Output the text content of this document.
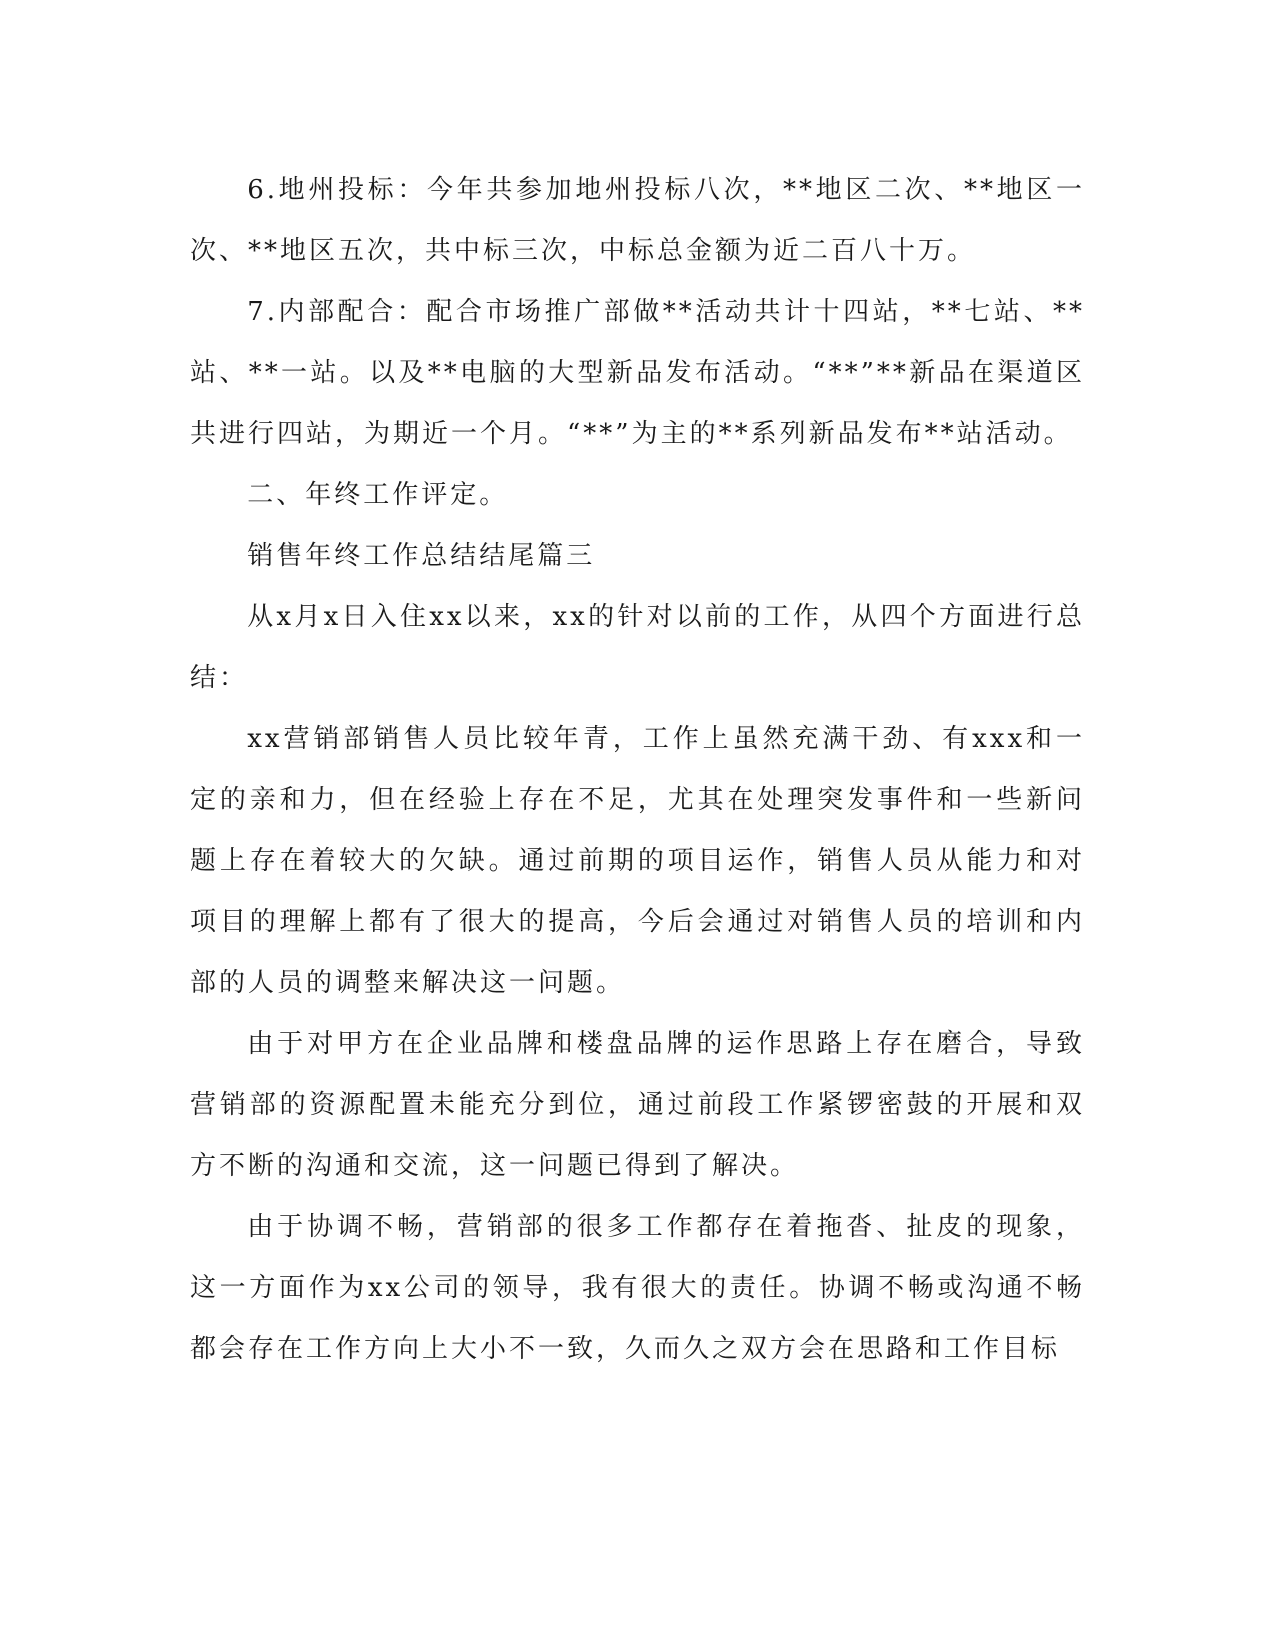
6.地州投标：今年共参加地州投标八次，**地区二次、**地区一次、**地区五次，共中标三次，中标总金额为近二百八十万。

7.内部配合：配合市场推广部做**活动共计十四站，**七站、**站、**一站。以及**电脑的大型新品发布活动。“**”**新品在渠道区共进行四站，为期近一个月。“**”为主的**系列新品发布**站活动。

二、年终工作评定。

销售年终工作总结结尾篇三

从x月x日入住xx以来，xx的针对以前的工作，从四个方面进行总结：

xx营销部销售人员比较年青，工作上虽然充满干劲、有xxx和一定的亲和力，但在经验上存在不足，尤其在处理突发事件和一些新问题上存在着较大的欠缺。通过前期的项目运作，销售人员从能力和对项目的理解上都有了很大的提高，今后会通过对销售人员的培训和内部的人员的调整来解决这一问题。

由于对甲方在企业品牌和楼盘品牌的运作思路上存在磨合，导致营销部的资源配置未能充分到位，通过前段工作紧锣密鼓的开展和双方不断的沟通和交流，这一问题已得到了解决。

由于协调不畅，营销部的很多工作都存在着拖沓、扯皮的现象，这一方面作为xx公司的领导，我有很大的责任。协调不畅或沟通不畅都会存在工作方向上大小不一致，久而久之双方会在思路和工作目标
